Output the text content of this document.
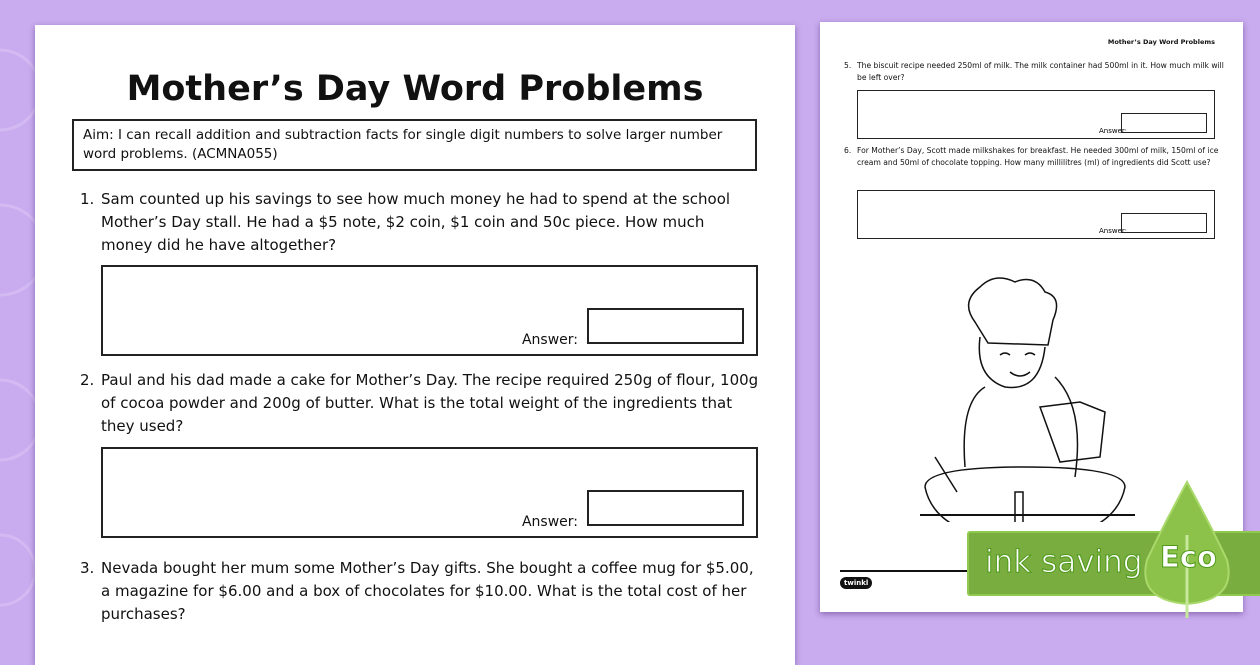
Mother’s Day Word Problems
Aim: I can recall addition and subtraction facts for single digit numbers to solve larger number word problems. (ACMNA055)
1. Sam counted up his savings to see how much money he had to spend at the school Mother’s Day stall. He had a $5 note, $2 coin, $1 coin and 50c piece. How much money did he have altogether?
Answer:
2. Paul and his dad made a cake for Mother’s Day. The recipe required 250g of flour, 100g of cocoa powder and 200g of butter. What is the total weight of the ingredients that they used?
Answer:
3. Nevada bought her mum some Mother’s Day gifts. She bought a coffee mug for $5.00, a magazine for $6.00 and a box of chocolates for $10.00. What is the total cost of her purchases?
Mother’s Day Word Problems
5. The biscuit recipe needed 250ml of milk. The milk container had 500ml in it. How much milk will be left over?
Answer:
6. For Mother’s Day, Scott made milkshakes for breakfast. He needed 300ml of milk, 150ml of ice cream and 50ml of chocolate topping. How many millilitres (ml) of ingredients did Scott use?
Answer:
twinkl
ink saving Eco
